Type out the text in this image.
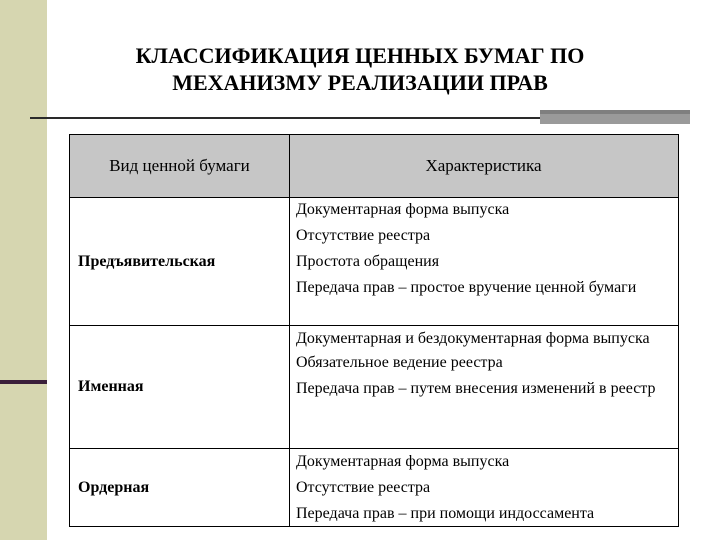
КЛАССИФИКАЦИЯ ЦЕННЫХ БУМАГ ПО
МЕХАНИЗМУ РЕАЛИЗАЦИИ ПРАВ
Вид ценной бумаги	Характеристика
Предъявительская
Документарная форма выпуска
Отсутствие реестра
Простота обращения
Передача прав – простое вручение ценной бумаги
Именная
Документарная и бездокументарная форма выпуска
Обязательное ведение реестра
Передача прав – путем внесения изменений в реестр
Ордерная
Документарная форма выпуска
Отсутствие реестра
Передача прав – при помощи индоссамента
